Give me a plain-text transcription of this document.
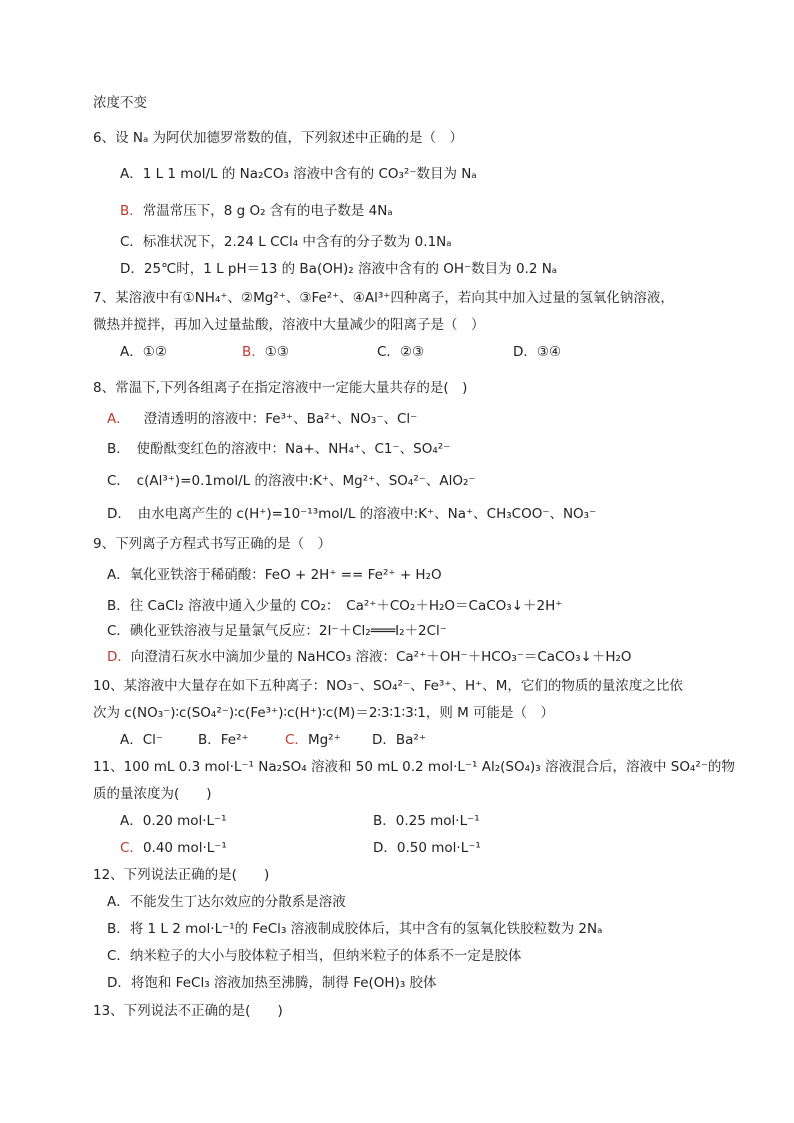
浓度不变
6、设 Nₐ 为阿伏加德罗常数的值，下列叙述中正确的是（　）
A．1 L 1 mol/L 的 Na₂CO₃ 溶液中含有的 CO₃²⁻数目为 Nₐ
B．常温常压下，8 g O₂ 含有的电子数是 4Nₐ
C．标准状况下，2.24 L CCl₄ 中含有的分子数为 0.1Nₐ
D．25℃时，1 L pH＝13 的 Ba(OH)₂ 溶液中含有的 OH⁻数目为 0.2 Nₐ
7、某溶液中有①NH₄⁺、②Mg²⁺、③Fe²⁺、④Al³⁺四种离子，若向其中加入过量的氢氧化钠溶液，
微热并搅拌，再加入过量盐酸，溶液中大量减少的阳离子是（　）
A．①②	B．①③	C．②③	D．③④
8、常温下,下列各组离子在指定溶液中一定能大量共存的是(　)
A． 澄清透明的溶液中：Fe³⁺、Ba²⁺、NO₃⁻、Cl⁻
B．　使酚酞变红色的溶液中：Na+、NH₄⁺、C1⁻、SO₄²⁻
C．　c(Al³⁺)=0.1mol/L 的溶液中:K⁺、Mg²⁺、SO₄²⁻、AlO₂⁻
D．　由水电离产生的 c(H⁺)=10⁻¹³mol/L 的溶液中:K⁺、Na⁺、CH₃COO⁻、NO₃⁻
9、下列离子方程式书写正确的是（　）
A．氧化亚铁溶于稀硝酸：FeO + 2H⁺ == Fe²⁺ + H₂O
B．往 CaCl₂ 溶液中通入少量的 CO₂：　Ca²⁺＋CO₂＋H₂O＝CaCO₃↓＋2H⁺
C．碘化亚铁溶液与足量氯气反应：2I⁻＋Cl₂═══I₂＋2Cl⁻
D．向澄清石灰水中滴加少量的 NaHCO₃ 溶液：Ca²⁺＋OH⁻＋HCO₃⁻＝CaCO₃↓＋H₂O
10、某溶液中大量存在如下五种离子：NO₃⁻、SO₄²⁻、Fe³⁺、H⁺、M，它们的物质的量浓度之比依
次为 c(NO₃⁻)∶c(SO₄²⁻)∶c(Fe³⁺)∶c(H⁺)∶c(M)＝2∶3∶1∶3∶1，则 M 可能是（　）
A．Cl⁻	B．Fe²⁺	C．Mg²⁺ D．Ba²⁺
11、100 mL 0.3 mol·L⁻¹ Na₂SO₄ 溶液和 50 mL 0.2 mol·L⁻¹ Al₂(SO₄)₃ 溶液混合后，溶液中 SO₄²⁻的物
质的量浓度为(　　)
A．0.20 mol·L⁻¹	B．0.25 mol·L⁻¹
C．0.40 mol·L⁻¹	D．0.50 mol·L⁻¹
12、下列说法正确的是(　　)
A．不能发生丁达尔效应的分散系是溶液
B．将 1 L 2 mol·L⁻¹的 FeCl₃ 溶液制成胶体后，其中含有的氢氧化铁胶粒数为 2Nₐ
C．纳米粒子的大小与胶体粒子相当，但纳米粒子的体系不一定是胶体
D．将饱和 FeCl₃ 溶液加热至沸腾，制得 Fe(OH)₃ 胶体
13、下列说法不正确的是(　　)
